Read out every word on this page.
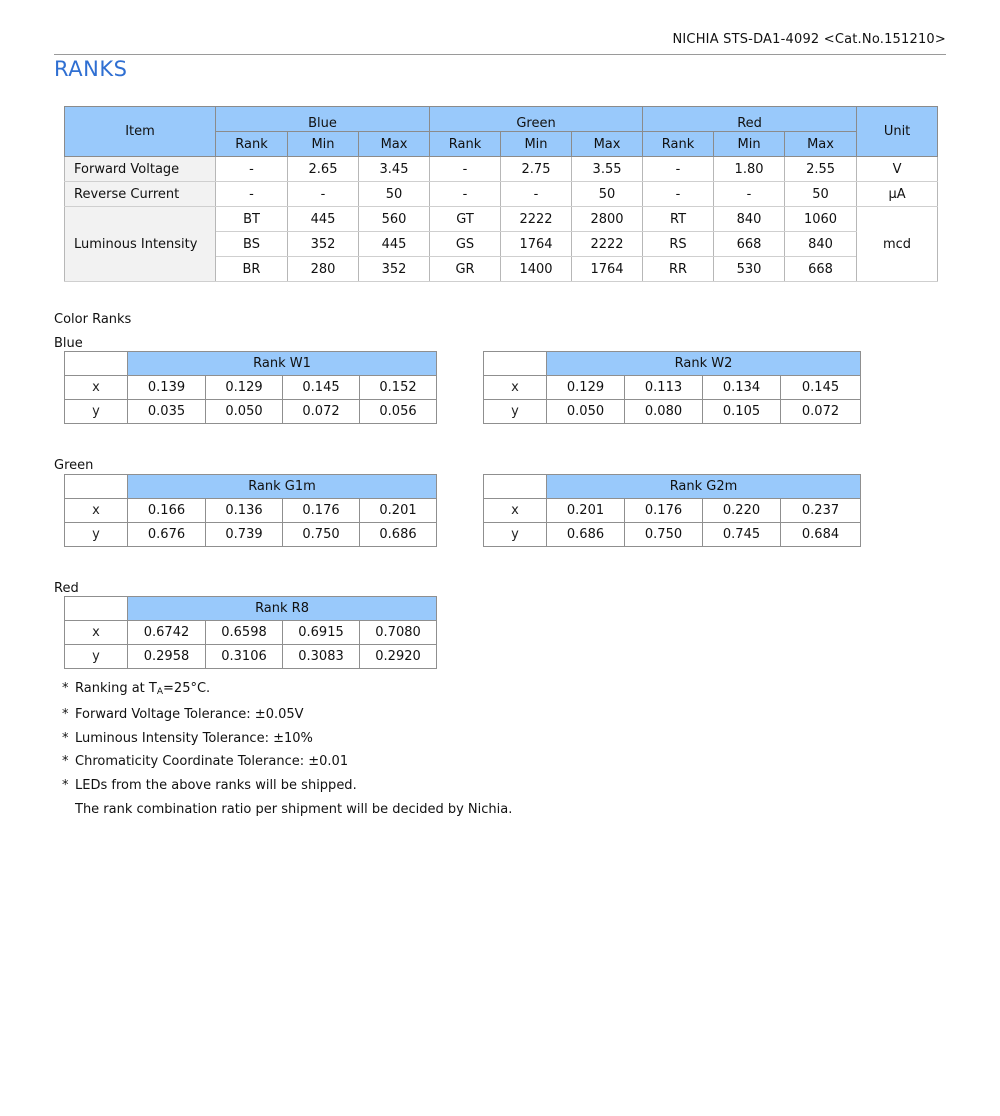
NICHIA STS-DA1-4092 <Cat.No.151210>
RANKS
Item	Blue			Green			Red			Unit
	Rank	Min	Max	Rank	Min	Max	Rank	Min	Max	
Forward Voltage	-	2.65	3.45	-	2.75	3.55	-	1.80	2.55	V
Reverse Current	-	-	50	-	-	50	-	-	50	μA
Luminous Intensity	BT	445	560	GT	2222	2800	RT	840	1060	mcd
	BS	352	445	GS	1764	2222	RS	668	840	
	BR	280	352	GR	1400	1764	RR	530	668	
Color Ranks
Blue
	Rank W1			
x	0.139	0.129	0.145	0.152
y	0.035	0.050	0.072	0.056
	Rank W2			
x	0.129	0.113	0.134	0.145
y	0.050	0.080	0.105	0.072
Green
	Rank G1m			
x	0.166	0.136	0.176	0.201
y	0.676	0.739	0.750	0.686
	Rank G2m			
x	0.201	0.176	0.220	0.237
y	0.686	0.750	0.745	0.684
Red
	Rank R8			
x	0.6742	0.6598	0.6915	0.7080
y	0.2958	0.3106	0.3083	0.2920
* Ranking at $T_A=25^\circ C$.
* Forward Voltage Tolerance: ±0.05V
* Luminous Intensity Tolerance: ±10%
* Chromaticity Coordinate Tolerance: ±0.01
* LEDs from the above ranks will be shipped.
The rank combination ratio per shipment will be decided by Nichia.
